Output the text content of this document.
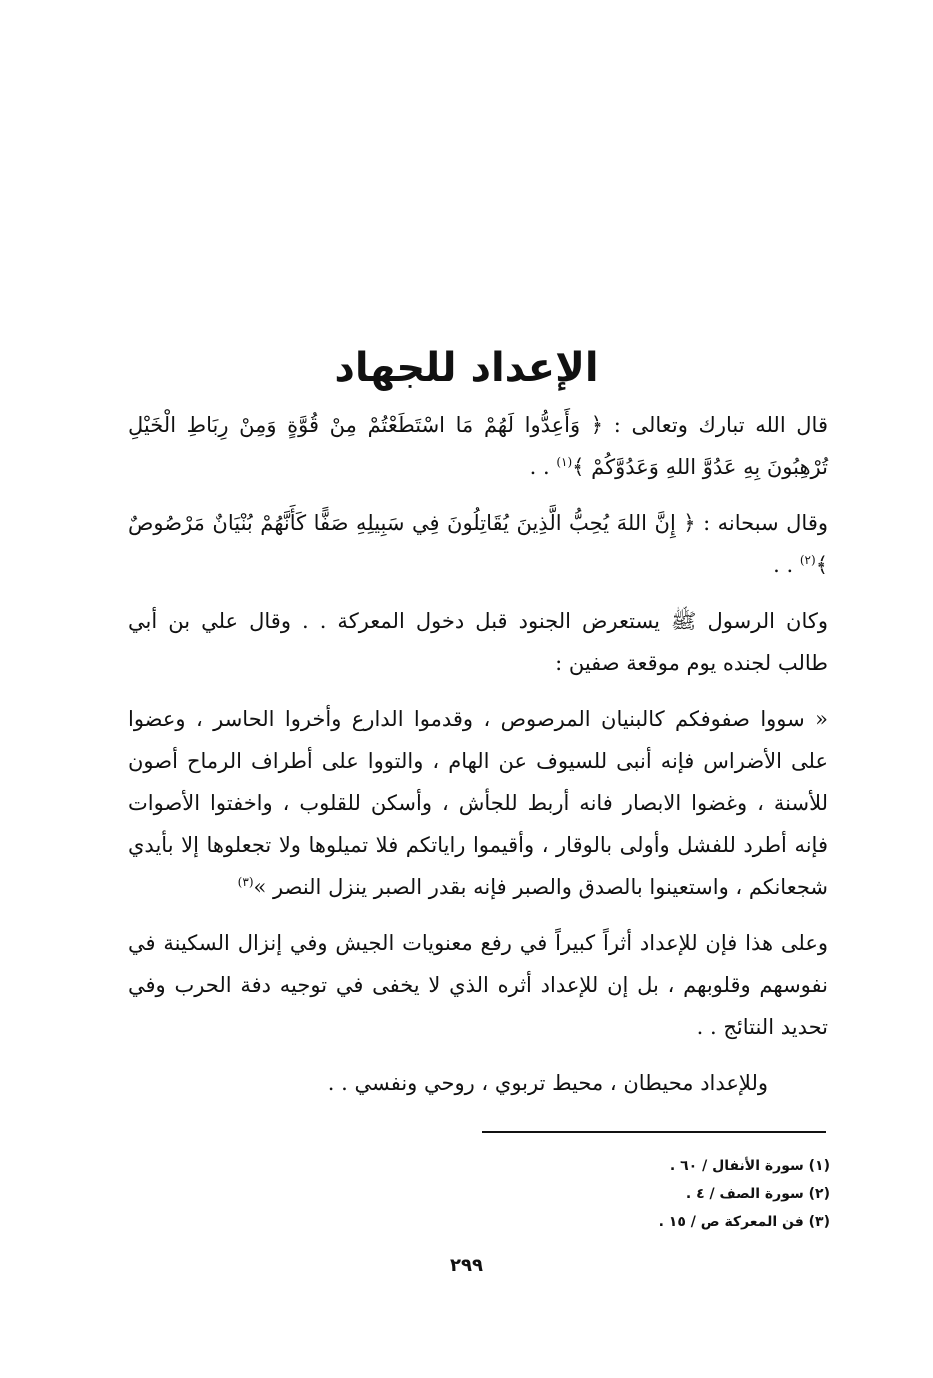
الإعداد للجهاد

قال الله تبارك وتعالى : ﴿ وَأَعِدُّوا لَهُمْ مَا اسْتَطَعْتُمْ مِنْ قُوَّةٍ وَمِنْ رِبَاطِ الْخَيْلِ تُرْهِبُونَ بِهِ عَدُوَّ اللهِ وَعَدُوَّكُمْ ﴾$^{(١)}$ . .

وقال سبحانه : ﴿ إِنَّ اللهَ يُحِبُّ الَّذِينَ يُقَاتِلُونَ فِي سَبِيلِهِ صَفًّا كَأَنَّهُمْ بُنْيَانٌ مَرْصُوصٌ ﴾$^{(٢)}$ . .

وكان الرسول ﷺ يستعرض الجنود قبل دخول المعركة . . وقال علي بن أبي طالب لجنده يوم موقعة صفين :

« سووا صفوفكم كالبنيان المرصوص ، وقدموا الدارع وأخروا الحاسر ، وعضوا على الأضراس فإنه أنبى للسيوف عن الهام ، والتووا على أطراف الرماح أصون للأسنة ، وغضوا الابصار فانه أربط للجأش ، وأسكن للقلوب ، واخفتوا الأصوات فإنه أطرد للفشل وأولى بالوقار ، وأقيموا راياتكم فلا تميلوها ولا تجعلوها إلا بأيدي شجعانكم ، واستعينوا بالصدق والصبر فإنه بقدر الصبر ينزل النصر »$^{(٣)}$

وعلى هذا فإن للإعداد أثراً كبيراً في رفع معنويات الجيش وفي إنزال السكينة في نفوسهم وقلوبهم ، بل إن للإعداد أثره الذي لا يخفى في توجيه دفة الحرب وفي تحديد النتائج . .

وللإعداد محيطان ، محيط تربوي ، روحي ونفسي . .

(١) سورة الأنفال / ٦٠ .

(٢) سورة الصف / ٤ .

(٣) فن المعركة ص / ١٥ .

٢٩٩
